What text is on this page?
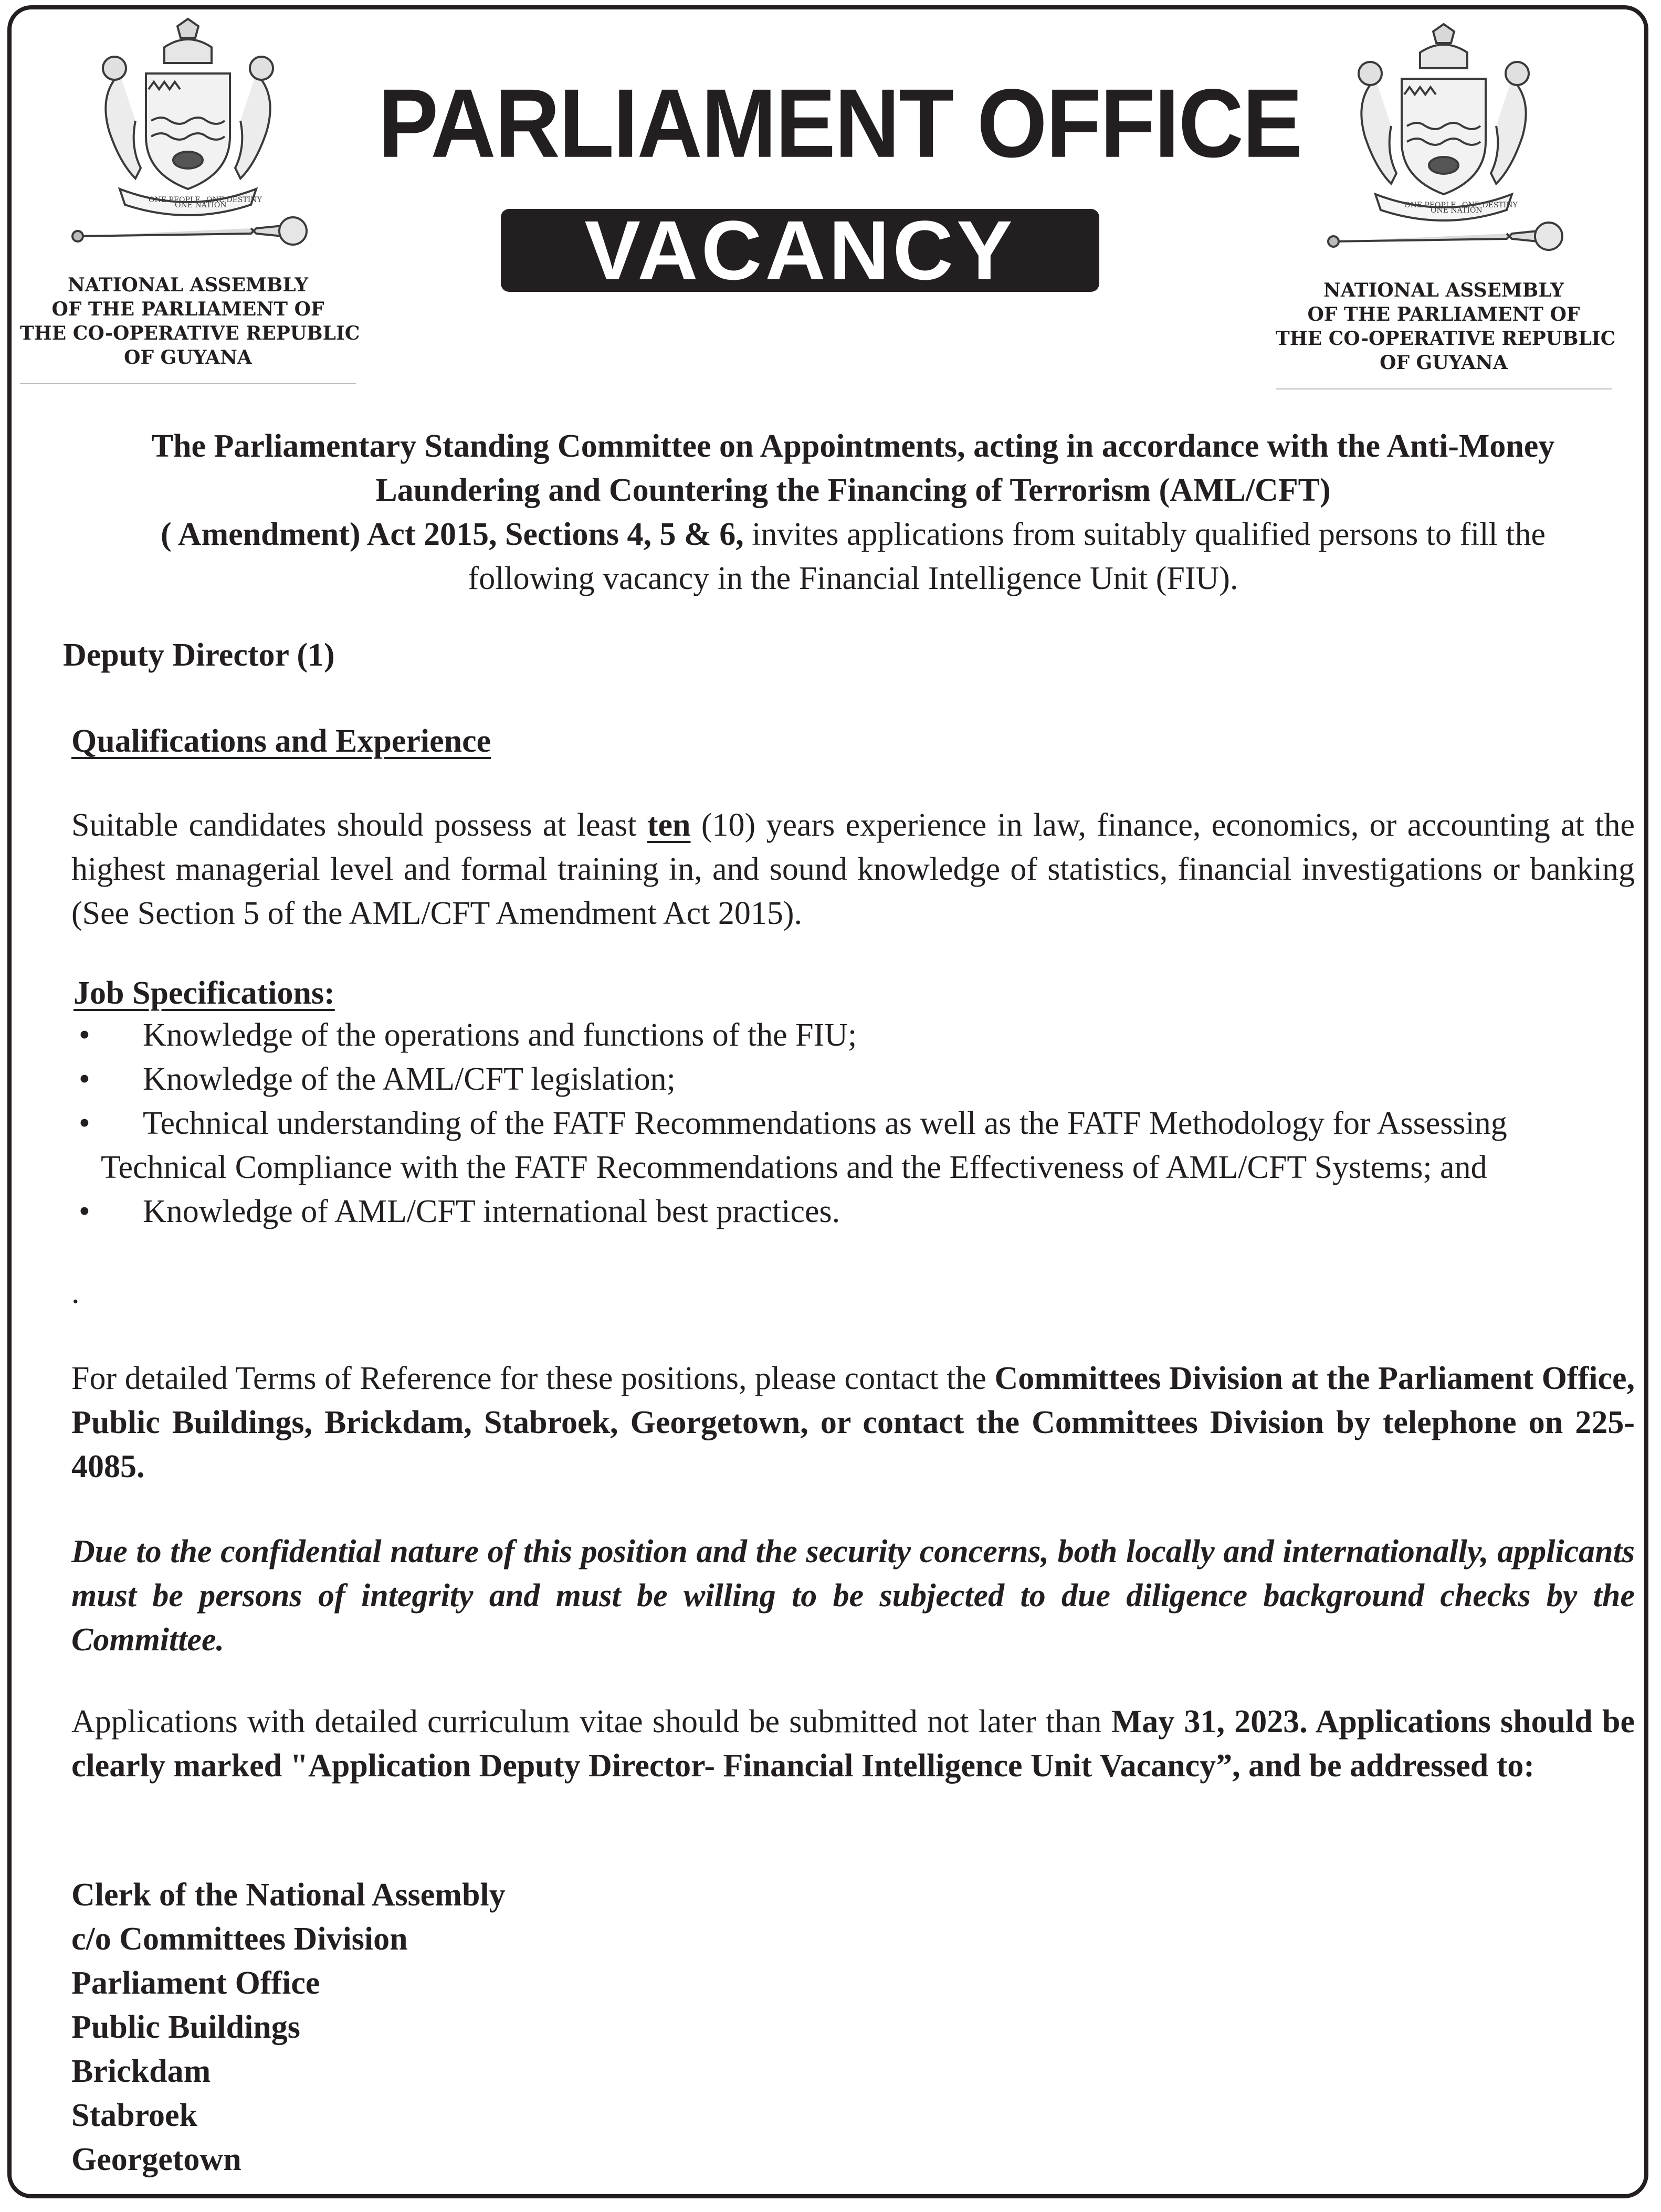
ONE PEOPLE
ONE NATION
ONE DESTINY
NATIONAL ASSEMBLY
OF THE PARLIAMENT OF
THE CO-OPERATIVE REPUBLIC
OF GUYANA
ONE PEOPLE
ONE NATION
ONE DESTINY
NATIONAL ASSEMBLY
OF THE PARLIAMENT OF
THE CO-OPERATIVE REPUBLIC
OF GUYANA
PARLIAMENT OFFICE
VACANCY
The Parliamentary Standing Committee on Appointments, acting in accordance with the Anti-Money
Laundering and Countering the Financing of Terrorism (AML/CFT)
( Amendment) Act 2015, Sections 4, 5 & 6, invites applications from suitably qualified persons to fill the
following vacancy in the Financial Intelligence Unit (FIU).
Deputy Director (1)
Qualifications and Experience
Suitable candidates should possess at least ten (10) years experience in law, finance, economics, or accounting at the highest managerial level and formal training in, and sound knowledge of statistics, financial investigations or banking (See Section 5 of the AML/CFT Amendment Act 2015).
Job Specifications:
• Knowledge of the operations and functions of the FIU;
• Knowledge of the AML/CFT legislation;
• Technical understanding of the FATF Recommendations as well as the FATF Methodology for Assessing
Technical Compliance with the FATF Recommendations and the Effectiveness of AML/CFT Systems; and
• Knowledge of AML/CFT international best practices.
.
For detailed Terms of Reference for these positions, please contact the Committees Division at the Parliament Office, Public Buildings, Brickdam, Stabroek, Georgetown, or contact the Committees Division by telephone on 225-4085.
Due to the confidential nature of this position and the security concerns, both locally and internationally, applicants must be persons of integrity and must be willing to be subjected to due diligence background checks by the Committee.
Applications with detailed curriculum vitae should be submitted not later than May 31, 2023. Applications should be clearly marked "Application Deputy Director- Financial Intelligence Unit Vacancy”, and be addressed to:
Clerk of the National Assembly
c/o Committees Division
Parliament Office
Public Buildings
Brickdam
Stabroek
Georgetown
